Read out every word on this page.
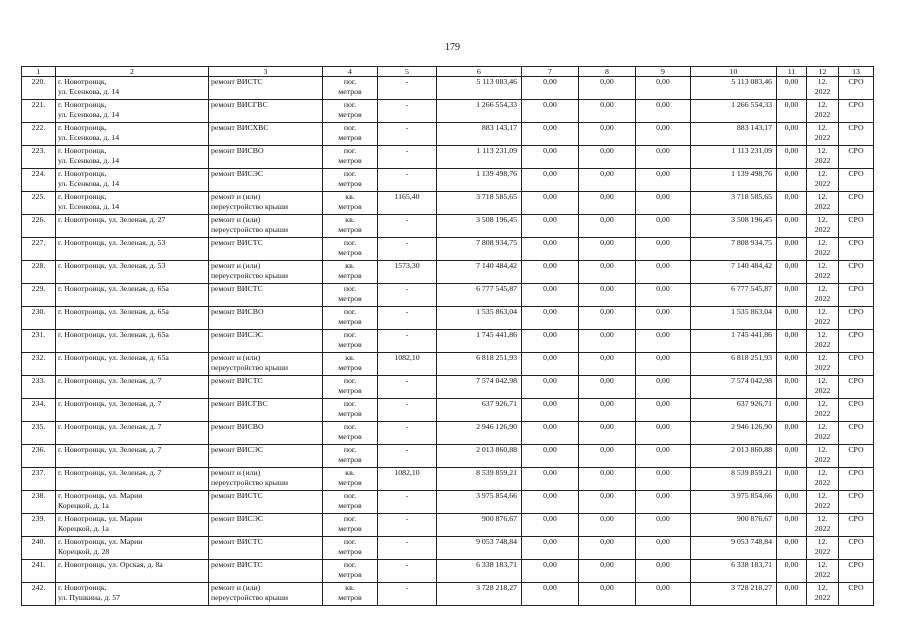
179
1	2	3	4	5	6	7	8	9	10	11	12	13
220.	г. Новотроицк,
ул. Есенкова, д. 14	ремонт ВИСТС	пог.
метров	-	5 113 083,46	0,00	0,00	0,00	5 113 083,46	0,00	12.
2022	СРО
221.	г. Новотроицк,
ул. Есенкова, д. 14	ремонт ВИСГВС	пог.
метров	-	1 266 554,33	0,00	0,00	0,00	1 266 554,33	0,00	12.
2022	СРО
222.	г. Новотроицк,
ул. Есенкова, д. 14	ремонт ВИСХВС	пог.
метров	-	883 143,17	0,00	0,00	0,00	883 143,17	0,00	12.
2022	СРО
223.	г. Новотроицк,
ул. Есенкова, д. 14	ремонт ВИСВО	пог.
метров	-	1 113 231,09	0,00	0,00	0,00	1 113 231,09	0,00	12.
2022	СРО
224.	г. Новотроицк,
ул. Есенкова, д. 14	ремонт ВИСЭС	пог.
метров	-	1 139 498,76	0,00	0,00	0,00	1 139 498,76	0,00	12.
2022	СРО
225.	г. Новотроицк,
ул. Есенкова, д. 14	ремонт и (или)
переустройство крыши	кв.
метров	1165,40	3 718 585,65	0,00	0,00	0,00	3 718 585,65	0,00	12.
2022	СРО
226.	г. Новотроицк, ул. Зеленая, д. 27	ремонт и (или)
переустройство крыши	кв.
метров	-	3 508 196,45	0,00	0,00	0,00	3 508 196,45	0,00	12.
2022	СРО
227.	г. Новотроицк, ул. Зеленая, д. 53	ремонт ВИСТС	пог.
метров	-	7 808 934,75	0,00	0,00	0,00	7 808 934,75	0,00	12.
2022	СРО
228.	г. Новотроицк, ул. Зеленая, д. 53	ремонт и (или)
переустройство крыши	кв.
метров	1573,30	7 140 484,42	0,00	0,00	0,00	7 140 484,42	0,00	12.
2022	СРО
229.	г. Новотроицк, ул. Зеленая, д. 65а	ремонт ВИСТС	пог.
метров	-	6 777 545,87	0,00	0,00	0,00	6 777 545,87	0,00	12.
2022	СРО
230.	г. Новотроицк, ул. Зеленая, д. 65а	ремонт ВИСВО	пог.
метров	-	1 535 863,04	0,00	0,00	0,00	1 535 863,04	0,00	12.
2022	СРО
231.	г. Новотроицк, ул. Зеленая, д. 65а	ремонт ВИСЭС	пог.
метров	-	1 745 441,86	0,00	0,00	0,00	1 745 441,86	0,00	12.
2022	СРО
232.	г. Новотроицк, ул. Зеленая, д. 65а	ремонт и (или)
переустройство крыши	кв.
метров	1082,10	6 818 251,93	0,00	0,00	0,00	6 818 251,93	0,00	12.
2022	СРО
233.	г. Новотроицк, ул. Зеленая, д. 7	ремонт ВИСТС	пог.
метров	-	7 574 042,98	0,00	0,00	0,00	7 574 042,98	0,00	12.
2022	СРО
234.	г. Новотроицк, ул. Зеленая, д. 7	ремонт ВИСГВС	пог.
метров	-	637 926,71	0,00	0,00	0,00	637 926,71	0,00	12.
2022	СРО
235.	г. Новотроицк, ул. Зеленая, д. 7	ремонт ВИСВО	пог.
метров	-	2 946 126,90	0,00	0,00	0,00	2 946 126,90	0,00	12.
2022	СРО
236.	г. Новотроицк, ул. Зеленая, д. 7	ремонт ВИСЭС	пог.
метров	-	2 013 860,88	0,00	0,00	0,00	2 013 860,88	0,00	12.
2022	СРО
237.	г. Новотроицк, ул. Зеленая, д. 7	ремонт и (или)
переустройство крыши	кв.
метров	1082,10	8 539 859,21	0,00	0,00	0,00	8 539 859,21	0,00	12.
2022	СРО
238.	г. Новотроицк, ул. Марии
Корецкой, д. 1а	ремонт ВИСТС	пог.
метров	-	3 975 854,66	0,00	0,00	0,00	3 975 854,66	0,00	12.
2022	СРО
239.	г. Новотроицк, ул. Марии
Корецкой, д. 1а	ремонт ВИСЭС	пог.
метров	-	900 876,67	0,00	0,00	0,00	900 876,67	0,00	12.
2022	СРО
240.	г. Новотроицк, ул. Марии
Корецкой, д. 28	ремонт ВИСТС	пог.
метров	-	9 053 748,84	0,00	0,00	0,00	9 053 748,84	0,00	12.
2022	СРО
241.	г. Новотроицк, ул. Орская, д. 8а	ремонт ВИСТС	пог.
метров	-	6 338 183,71	0,00	0,00	0,00	6 338 183,71	0,00	12.
2022	СРО
242.	г. Новотроицк,
ул. Пушкина, д. 57	ремонт и (или)
переустройство крыши	кв.
метров	-	3 728 218,27	0,00	0,00	0,00	3 728 218,27	0,00	12.
2022	СРО
